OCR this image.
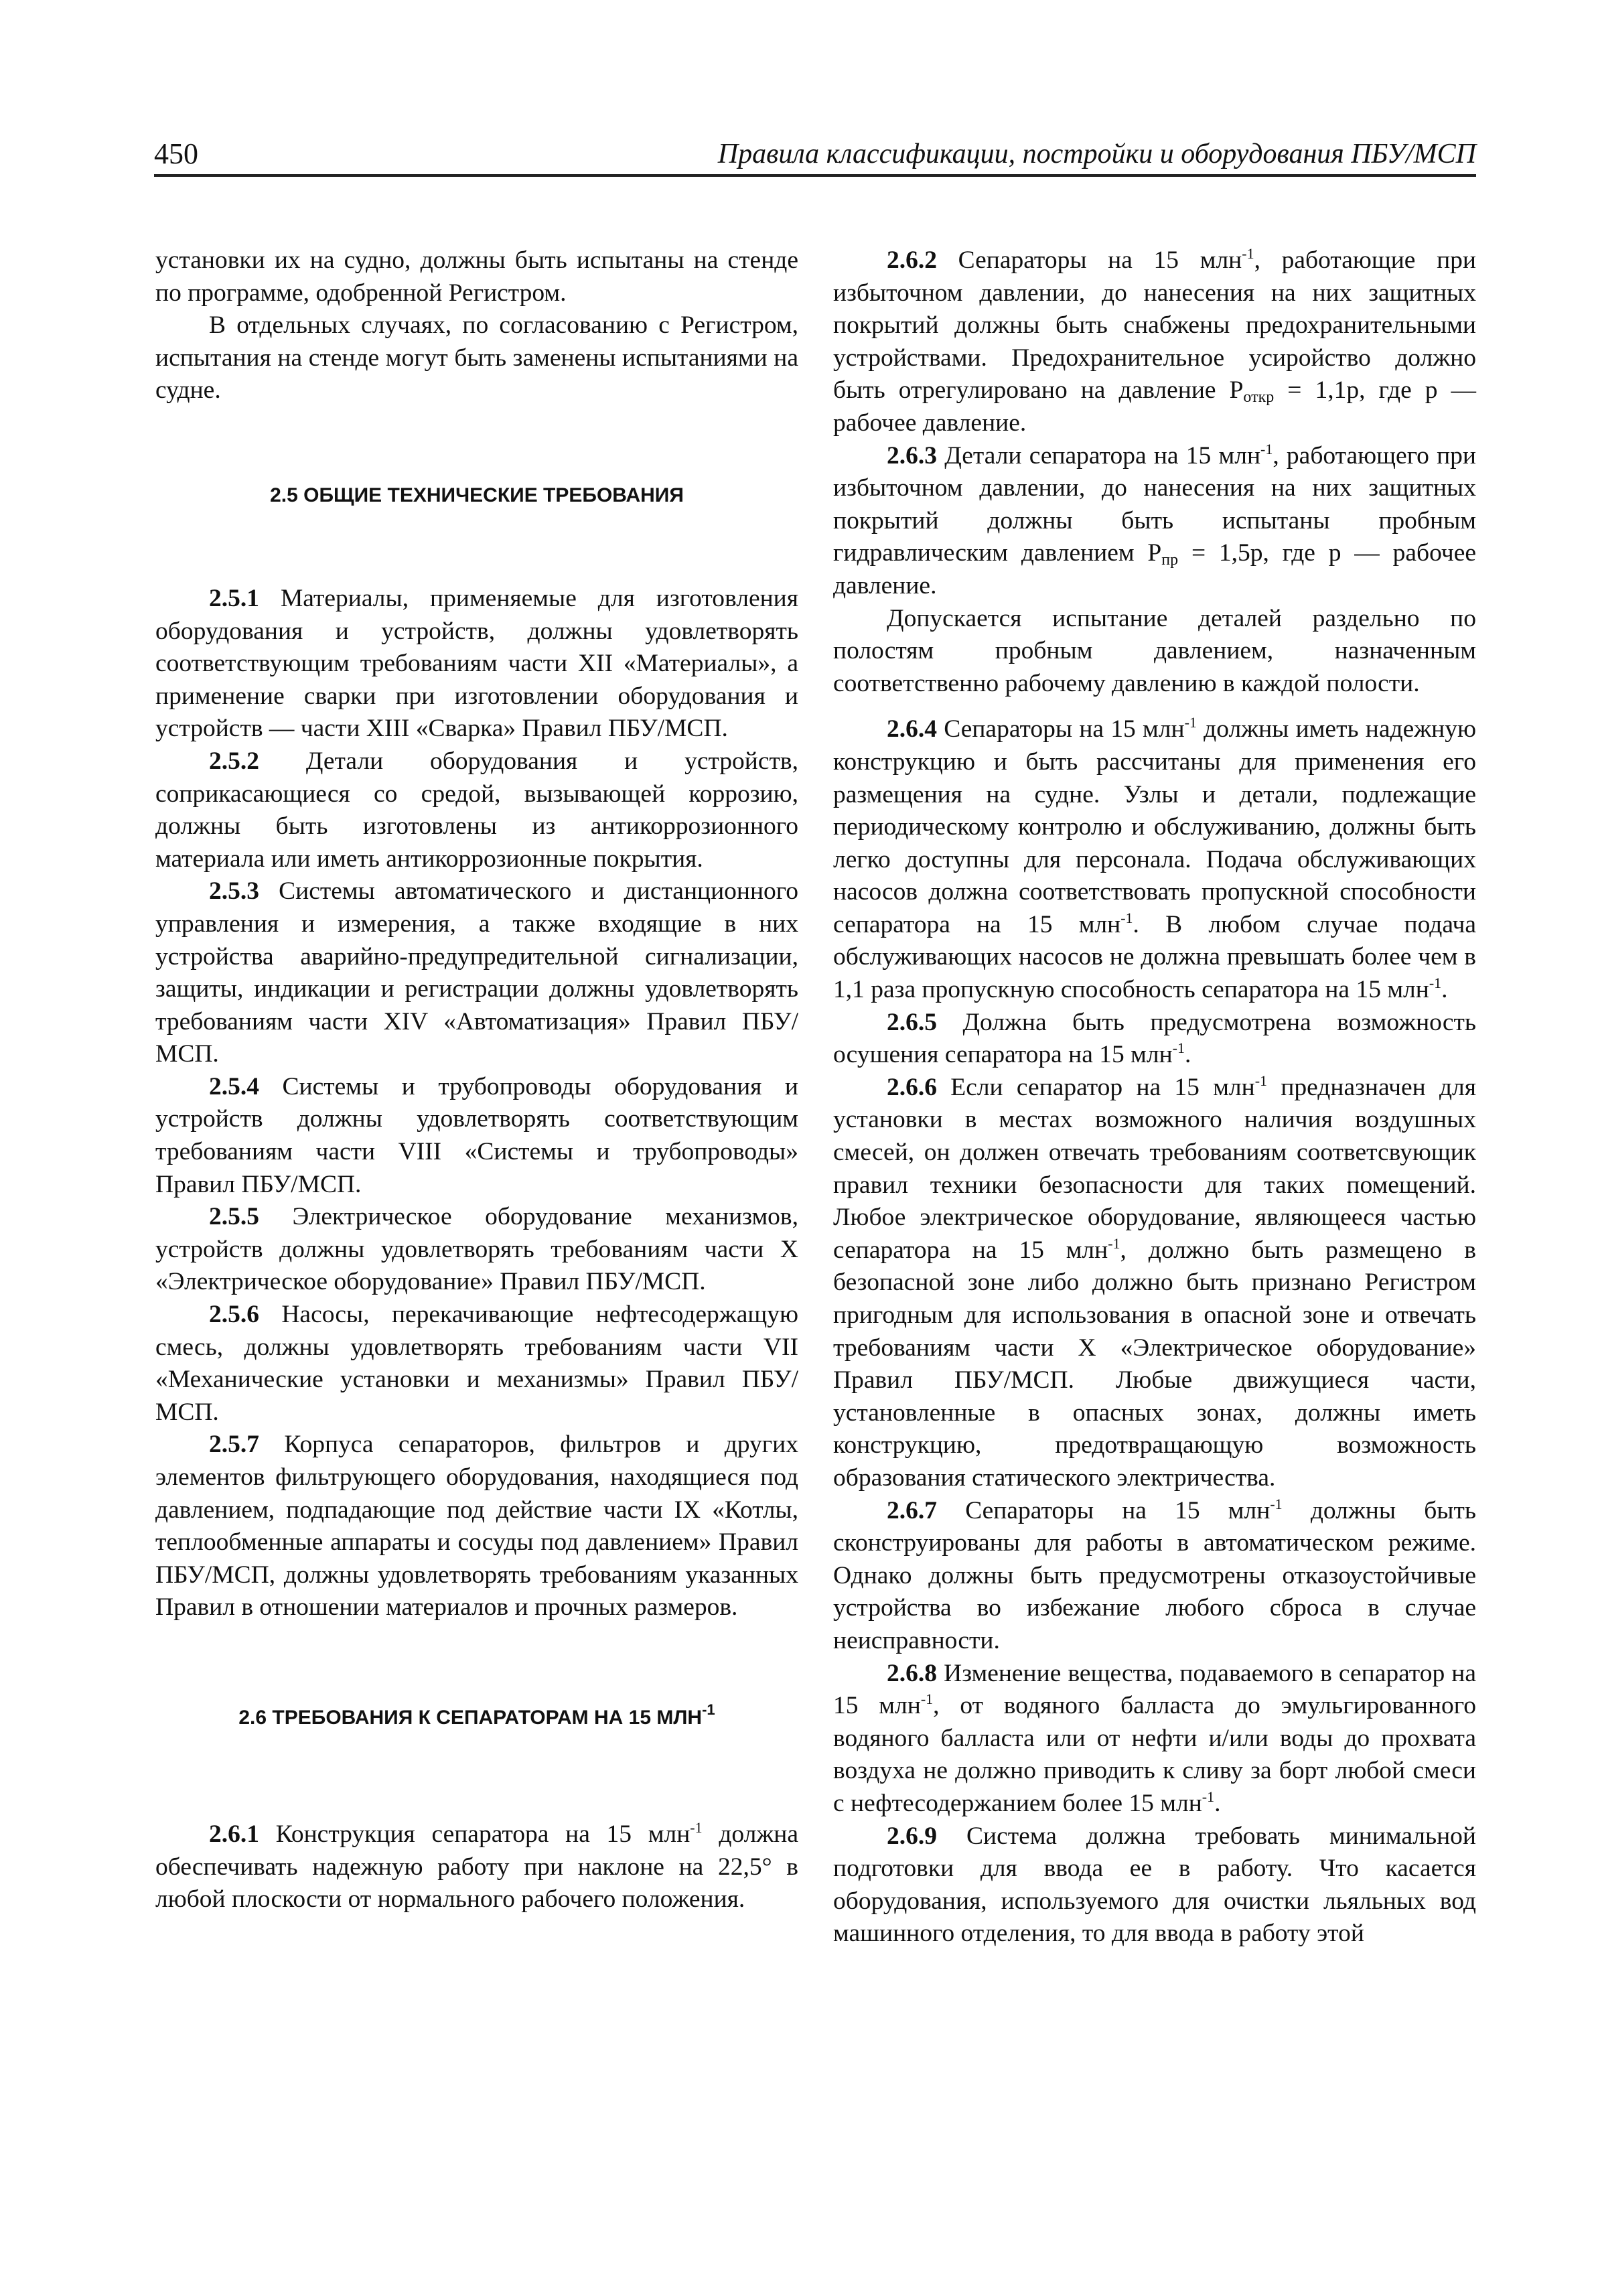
450	Правила классификации, постройки и оборудования ПБУ/МСП

установки их на судно, должны быть испытаны на стенде по программе, одобренной Регистром.

В отдельных случаях, по согласованию с Регистром, испытания на стенде могут быть заменены испытаниями на судне.

2.5 ОБЩИЕ ТЕХНИЧЕСКИЕ ТРЕБОВАНИЯ

2.5.1 Материалы, применяемые для изготовления оборудования и устройств, должны удовлетворять соответствующим требованиям части XII «Материалы», а применение сварки при изготовлении оборудования и устройств — части XIII «Сварка» Правил ПБУ/МСП.

2.5.2 Детали оборудования и устройств, соприкасающиеся со средой, вызывающей коррозию, должны быть изготовлены из антикоррозионного материала или иметь антикоррозионные покрытия.

2.5.3 Системы автоматического и дистанционного управления и измерения, а также входящие в них устройства аварийно-предупредительной сигнализации, защиты, индикации и регистрации должны удовлетворять требованиям части XIV «Автоматизация» Правил ПБУ/МСП.

2.5.4 Системы и трубопроводы оборудования и устройств должны удовлетворять соответствующим требованиям части VIII «Системы и трубопроводы» Правил ПБУ/МСП.

2.5.5 Электрическое оборудование механизмов, устройств должны удовлетворять требованиям части X «Электрическое оборудование» Правил ПБУ/МСП.

2.5.6 Насосы, перекачивающие нефтесодержащую смесь, должны удовлетворять требованиям части VII «Механические установки и механизмы» Правил ПБУ/МСП.

2.5.7 Корпуса сепараторов, фильтров и других элементов фильтрующего оборудования, находящиеся под давлением, подпадающие под действие части IX «Котлы, теплообменные аппараты и сосуды под давлением» Правил ПБУ/МСП, должны удовлетворять требованиям указанных Правил в отношении материалов и прочных размеров.

2.6 ТРЕБОВАНИЯ К СЕПАРАТОРАМ НА 15 $МЛН^{-1}$

2.6.1 Конструкция сепаратора на 15 млн$^{-1}$ должна обеспечивать надежную работу при наклоне на 22,5° в любой плоскости от нормального рабочего положения.

2.6.2 Сепараторы на 15 млн$^{-1}$, работающие при избыточном давлении, до нанесения на них защитных покрытий должны быть снабжены предохранительными устройствами. Предохранительное усиройство должно быть отрегулировано на давление $P_{откр} = 1,1p$, где p — рабочее давление.

2.6.3 Детали сепаратора на 15 млн$^{-1}$, работающего при избыточном давлении, до нанесения на них защитных покрытий должны быть испытаны пробным гидравлическим давлением $P_{пр} = 1,5p$, где p — рабочее давление.

Допускается испытание деталей раздельно по полостям пробным давлением, назначенным соответственно рабочему давлению в каждой полости.

2.6.4 Сепараторы на 15 млн$^{-1}$ должны иметь надежную конструкцию и быть рассчитаны для применения его размещения на судне. Узлы и детали, подлежащие периодическому контролю и обслуживанию, должны быть легко доступны для персонала. Подача обслуживающих насосов должна соответствовать пропускной способности сепаратора на 15 млн$^{-1}$. В любом случае подача обслуживающих насосов не должна превышать более чем в 1,1 раза пропускную способность сепаратора на 15 млн$^{-1}$.

2.6.5 Должна быть предусмотрена возможность осушения сепаратора на 15 млн$^{-1}$.

2.6.6 Если сепаратор на 15 млн$^{-1}$ предназначен для установки в местах возможного наличия воздушных смесей, он должен отвечать требованиям соответсвующик правил техники безопасности для таких помещений. Любое электрическое оборудование, являющееся частью сепаратора на 15 млн$^{-1}$, должно быть размещено в безопасной зоне либо должно быть признано Регистром пригодным для использования в опасной зоне и отвечать требованиям части X «Электрическое оборудование» Правил ПБУ/МСП. Любые движущиеся части, установленные в опасных зонах, должны иметь конструкцию, предотвращающую возможность образования статического электричества.

2.6.7 Сепараторы на 15 млн$^{-1}$ должны быть сконструированы для работы в автоматическом режиме. Однако должны быть предусмотрены отказоустойчивые устройства во избежание любого сброса в случае неисправности.

2.6.8 Изменение вещества, подаваемого в сепаратор на 15 млн$^{-1}$, от водяного балласта до эмульгированного водяного балласта или от нефти и/или воды до прохвата воздуха не должно приводить к сливу за борт любой смеси с нефтесодержанием более 15 млн$^{-1}$.

2.6.9 Система должна требовать минимальной подготовки для ввода ее в работу. Что касается оборудования, используемого для очистки льяльных вод машинного отделения, то для ввода в работу этой
